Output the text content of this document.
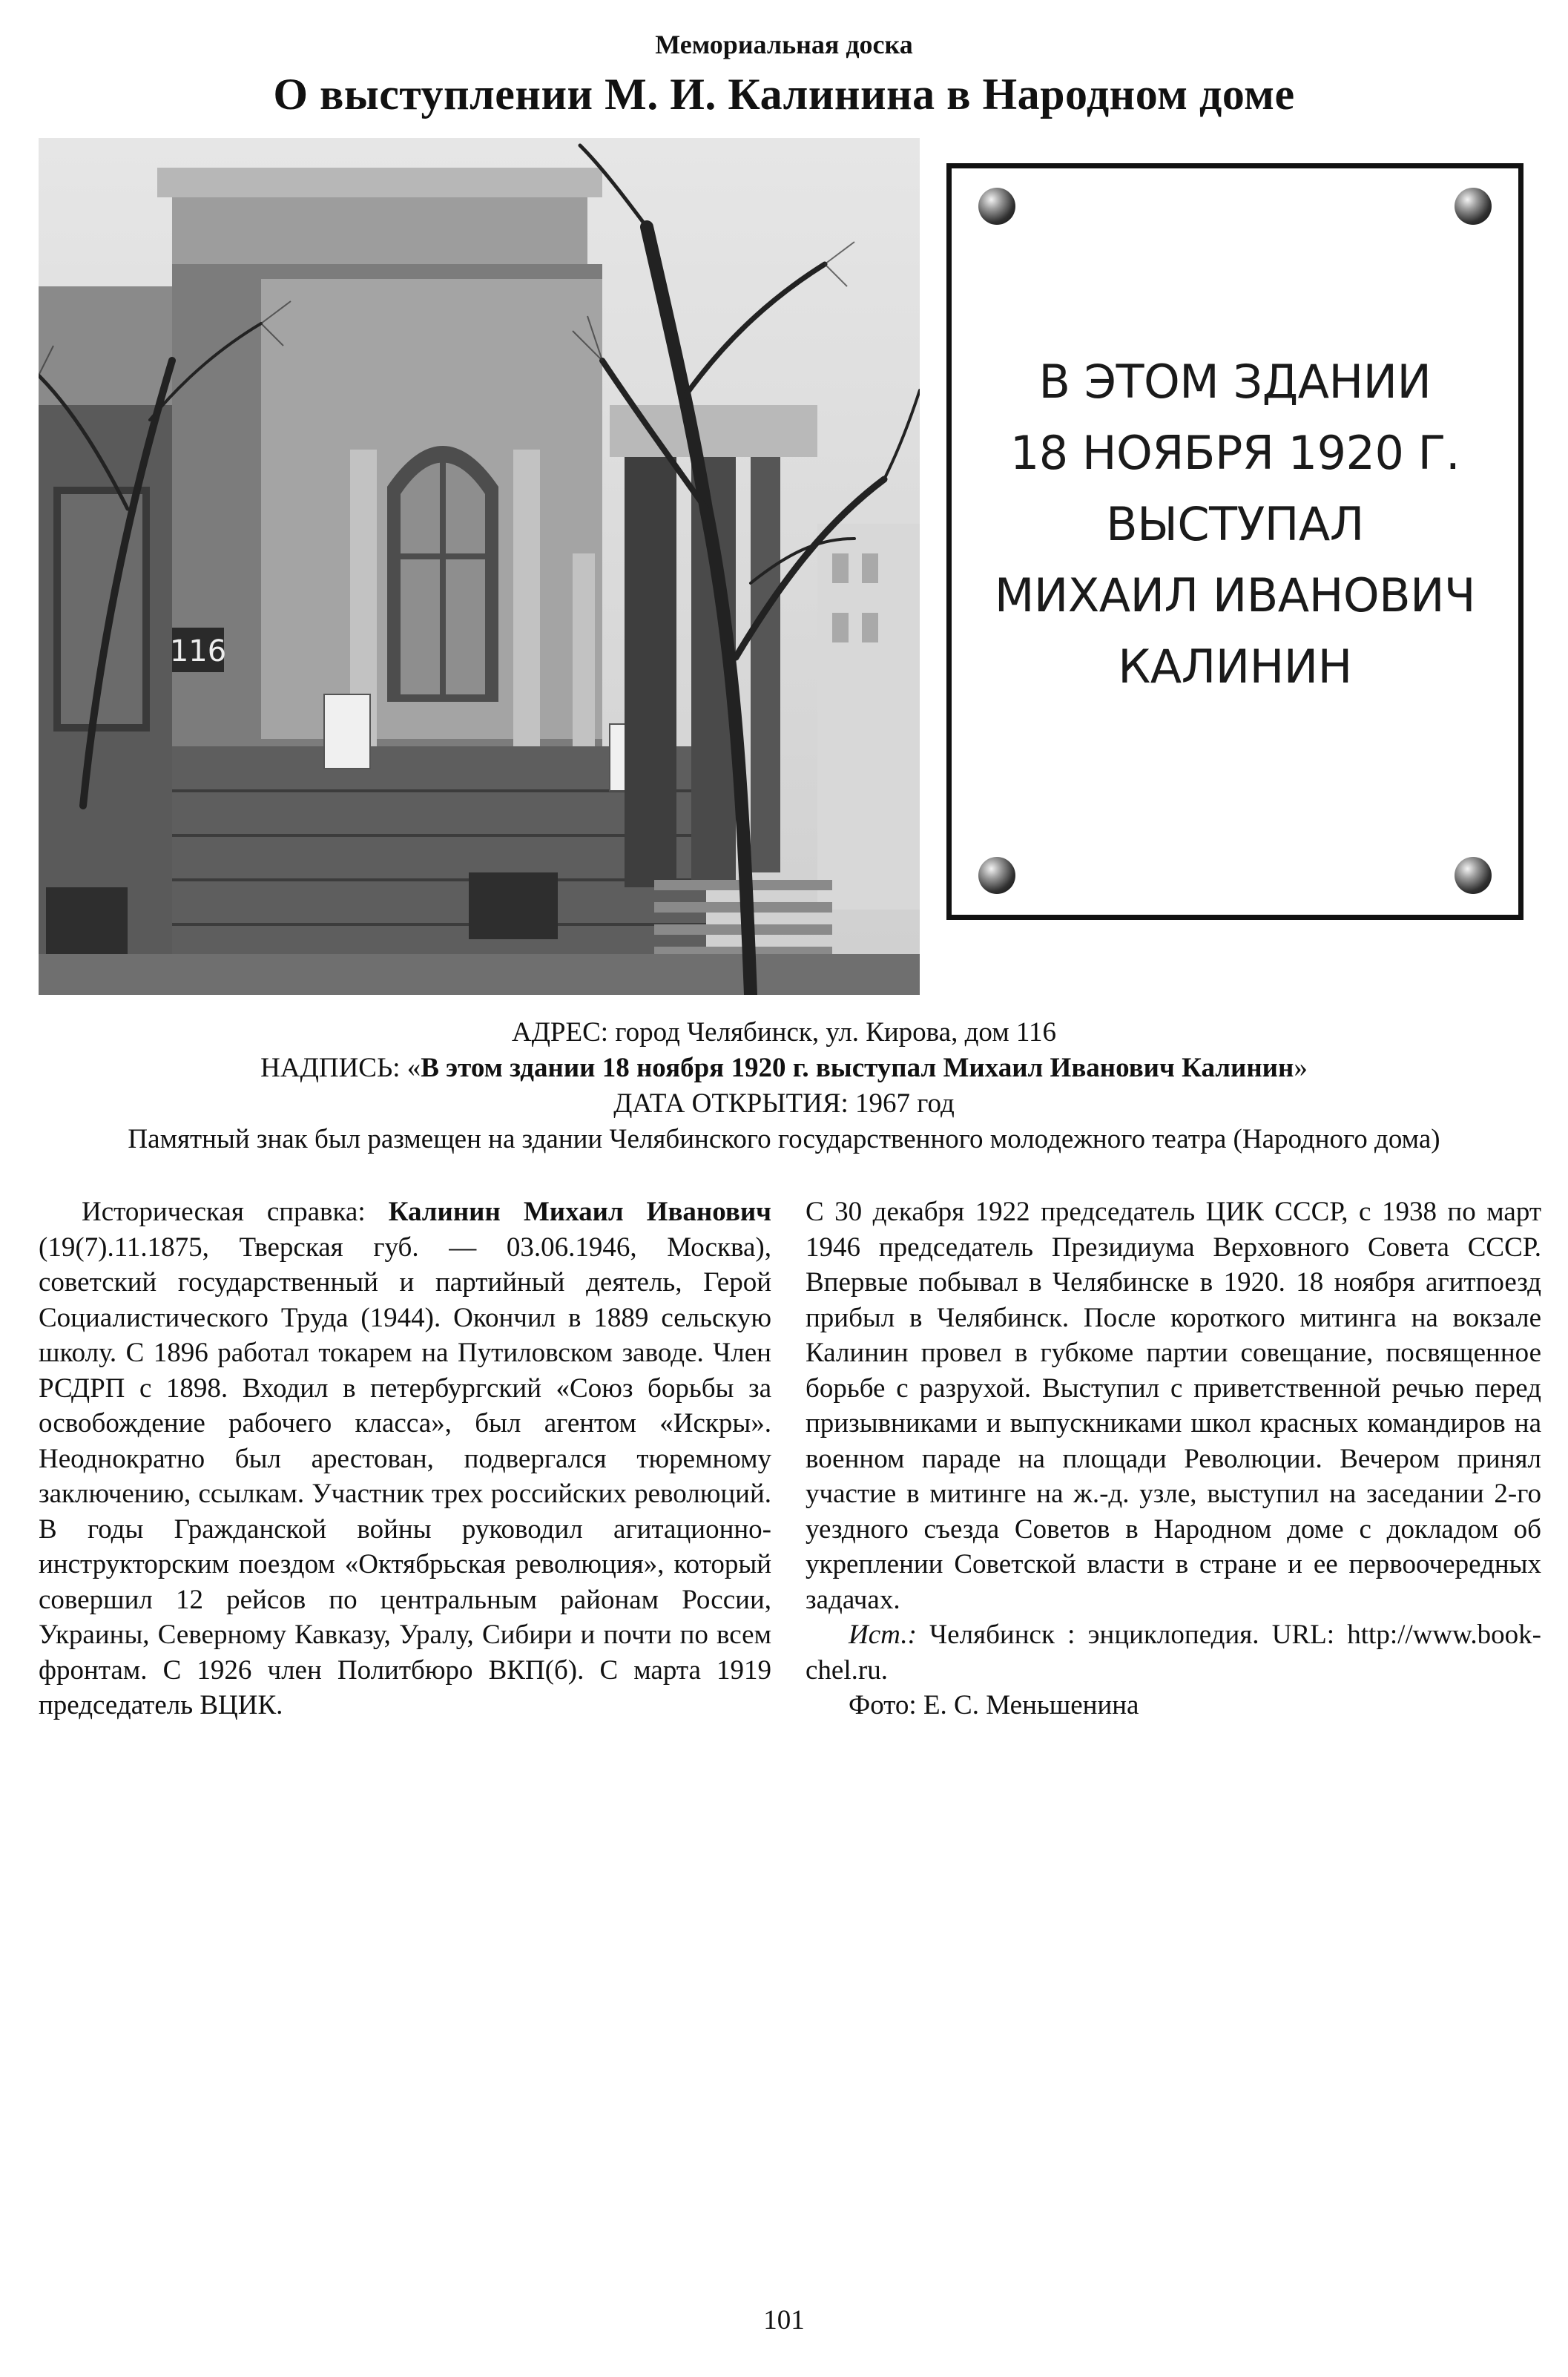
Мемориальная доска
О выступлении М. И. Калинина в Народном доме
116
В ЭТОМ ЗДАНИИ
18 НОЯБРЯ 1920 Г.
ВЫСТУПАЛ
МИХАИЛ ИВАНОВИЧ
КАЛИНИН

АДРЕС: город Челябинск, ул. Кирова, дом 116

НАДПИСЬ: «В этом здании 18 ноября 1920 г. выступал Михаил Иванович Калинин»

ДАТА ОТКРЫТИЯ: 1967 год

Памятный знак был размещен на здании Челябинского государственного молодежного театра (Народного дома)

Историческая справка: Калинин Михаил Иванович (19(7).11.1875, Тверская губ. — 03.06.1946, Москва), советский государственный и партийный деятель, Герой Социалистического Труда (1944). Окончил в 1889 сельскую школу. С 1896 работал токарем на Путиловском заводе. Член РСДРП с 1898. Входил в петербургский «Союз борьбы за освобождение рабочего класса», был агентом «Искры». Неоднократно был арестован, подвергался тюремному заключению, ссылкам. Участник трех российских революций. В годы Гражданской войны руководил агитационно-инструкторским поездом «Октябрьская революция», который совершил 12 рейсов по центральным районам России, Украины, Северному Кавказу, Уралу, Сибири и почти по всем фронтам. С 1926 член Политбюро ВКП(б). С марта 1919 председатель ВЦИК.

С 30 декабря 1922 председатель ЦИК СССР, с 1938 по март 1946 председатель Президиума Верховного Совета СССР. Впервые побывал в Челябинске в 1920. 18 ноября агитпоезд прибыл в Челябинск. После короткого митинга на вокзале Калинин провел в губкоме партии совещание, посвященное борьбе с разрухой. Выступил с приветственной речью перед призывниками и выпускниками школ красных командиров на военном параде на площади Революции. Вечером принял участие в митинге на ж.-д. узле, выступил на заседании 2-го уездного съезда Советов в Народном доме с докладом об укреплении Советской власти в стране и ее первоочередных задачах.

Ист.: Челябинск : энциклопедия. URL: http://www.book-chel.ru.

Фото: Е. С. Меньшенина

101
